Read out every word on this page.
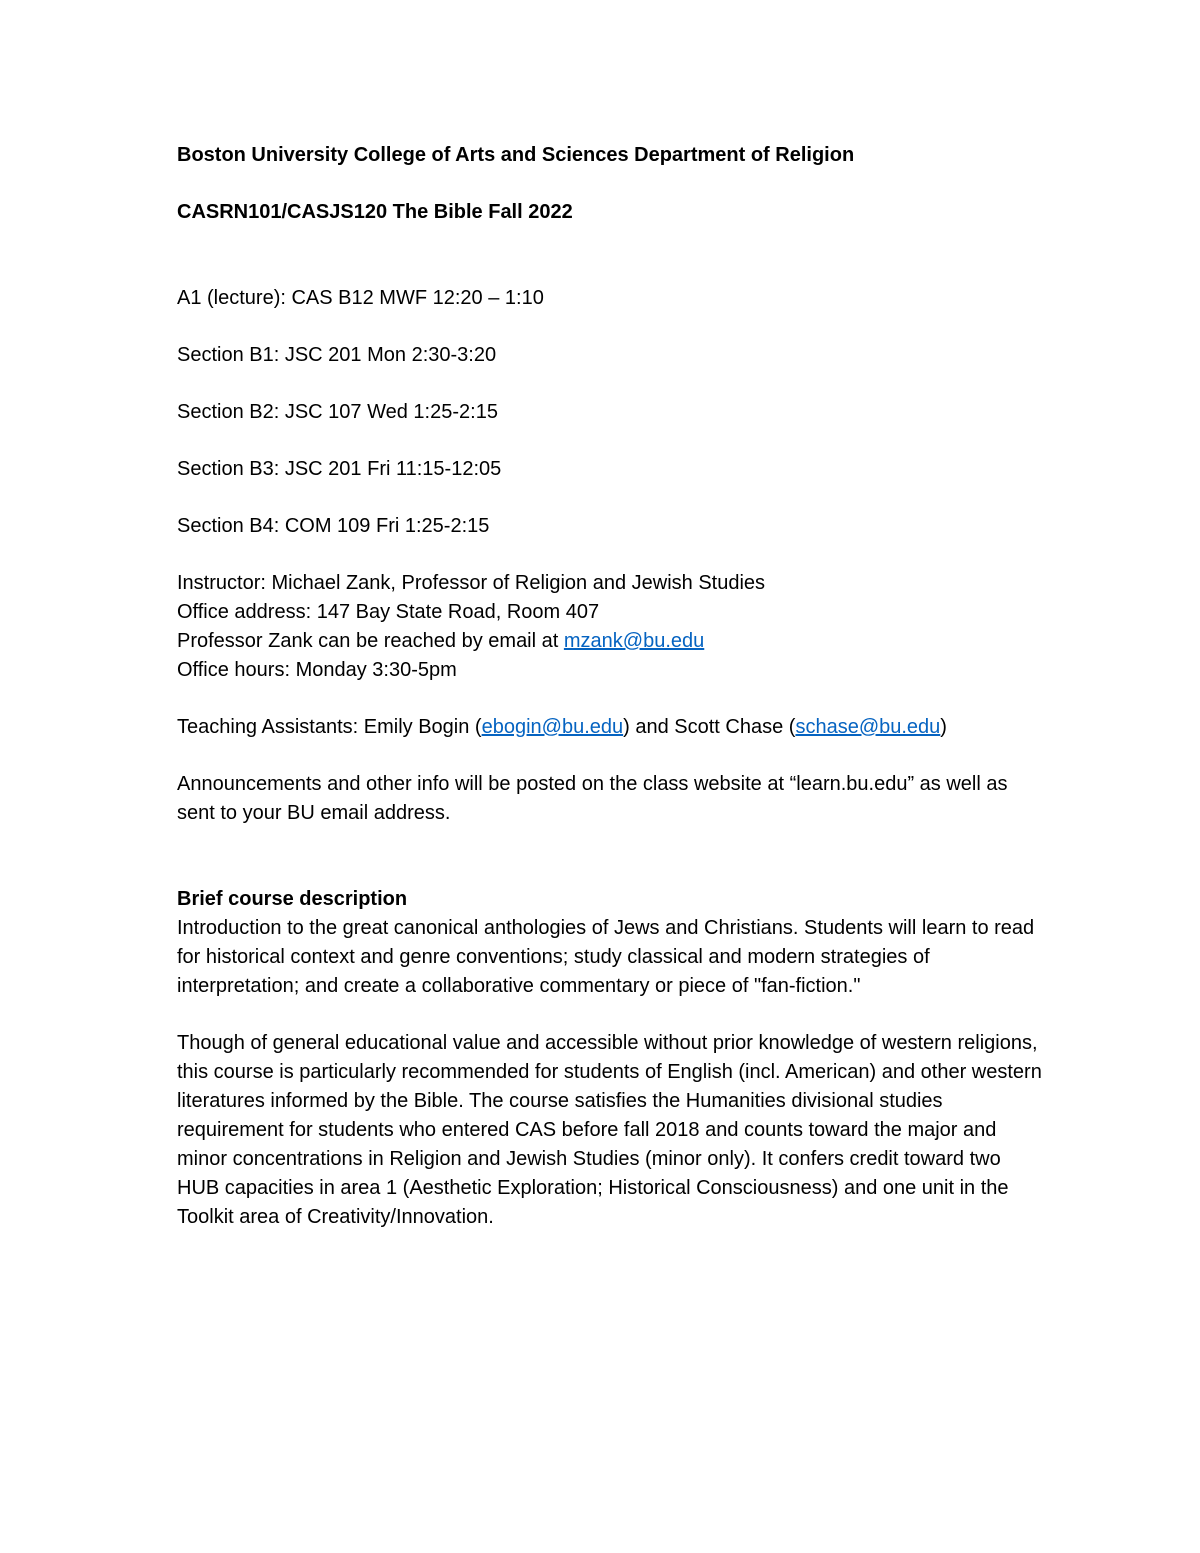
Boston University College of Arts and Sciences Department of Religion

CASRN101/CASJS120 The Bible Fall 2022

A1 (lecture): CAS B12 MWF 12:20 – 1:10

Section B1: JSC 201 Mon 2:30-3:20

Section B2: JSC 107 Wed 1:25-2:15

Section B3: JSC 201 Fri 11:15-12:05

Section B4: COM 109 Fri 1:25-2:15

Instructor: Michael Zank, Professor of Religion and Jewish Studies

Office address: 147 Bay State Road, Room 407

Professor Zank can be reached by email at mzank@bu.edu

Office hours: Monday 3:30-5pm

Teaching Assistants: Emily Bogin (ebogin@bu.edu) and Scott Chase (schase@bu.edu)

Announcements and other info will be posted on the class website at “learn.bu.edu” as well as sent to your BU email address.

Brief course description

Introduction to the great canonical anthologies of Jews and Christians. Students will learn to read for historical context and genre conventions; study classical and modern strategies of interpretation; and create a collaborative commentary or piece of "fan-fiction."

Though of general educational value and accessible without prior knowledge of western religions, this course is particularly recommended for students of English (incl. American) and other western literatures informed by the Bible. The course satisfies the Humanities divisional studies requirement for students who entered CAS before fall 2018 and counts toward the major and minor concentrations in Religion and Jewish Studies (minor only). It confers credit toward two HUB capacities in area 1 (Aesthetic Exploration; Historical Consciousness) and one unit in the Toolkit area of Creativity/Innovation.
